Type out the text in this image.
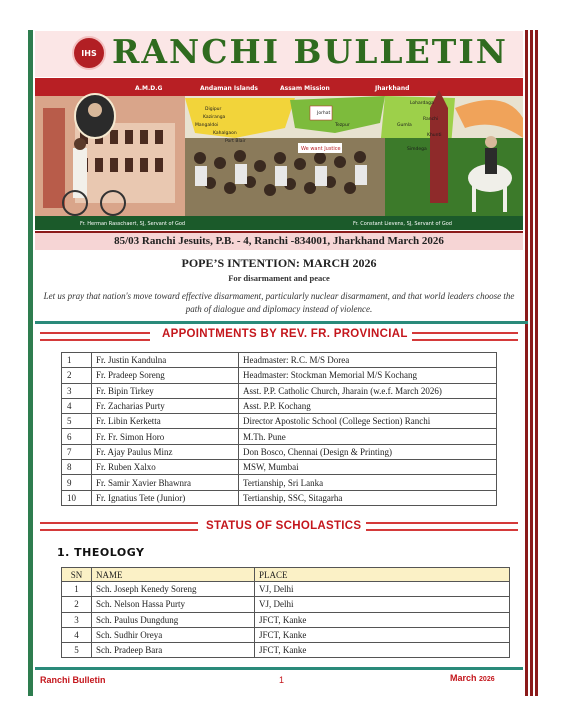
IHS RANCHI BULLETIN
A.M.D.G	Andaman Islands	Assam Mission	Jharkhand
We want Justice
Fr. Herman Rasschaert, SJ, Servant of God	Fr. Constant Lievens, SJ, Servant of God
Digipur
Kaziranga
Mangaldoi
Kahalgaon
Jorhat
Tezpur
Port Blair
Gumla
Ranchi
Khunti
Simdega
Lohardaga
85/03 Ranchi Jesuits, P.B. - 4, Ranchi -834001, Jharkhand March 2026
POPE’S INTENTION: MARCH 2026
For disarmament and peace
Let us pray that nation's move toward effective disarmament, particularly nuclear disarmament, and that world leaders choose the path of dialogue and diplomacy instead of violence.
APPOINTMENTS BY REV. FR. PROVINCIAL
1	Fr. Justin Kandulna	Headmaster: R.C. M/S Dorea
2	Fr. Pradeep Soreng	Headmaster: Stockman Memorial M/S Kochang
3	Fr. Bipin Tirkey	Asst. P.P. Catholic Church, Jharain (w.e.f. March 2026)
4	Fr. Zacharias Purty	Asst. P.P. Kochang
5	Fr. Libin Kerketta	Director Apostolic School (College Section) Ranchi
6	Fr. Fr. Simon Horo	M.Th. Pune
7	Fr. Ajay Paulus Minz	Don Bosco, Chennai (Design & Printing)
8	Fr. Ruben Xalxo	MSW, Mumbai
9	Fr. Samir Xavier Bhawnra	Tertianship, Sri Lanka
10	Fr. Ignatius Tete (Junior)	Tertianship, SSC, Sitagarha
STATUS OF SCHOLASTICS
1. THEOLOGY
SN	NAME	PLACE
1	Sch. Joseph Kenedy Soreng	VJ, Delhi
2	Sch. Nelson Hassa Purty	VJ, Delhi
3	Sch. Paulus Dungdung	JFCT, Kanke
4	Sch. Sudhir Oreya	JFCT, Kanke
5	Sch. Pradeep Bara	JFCT, Kanke
Ranchi Bulletin	1	March 2026
